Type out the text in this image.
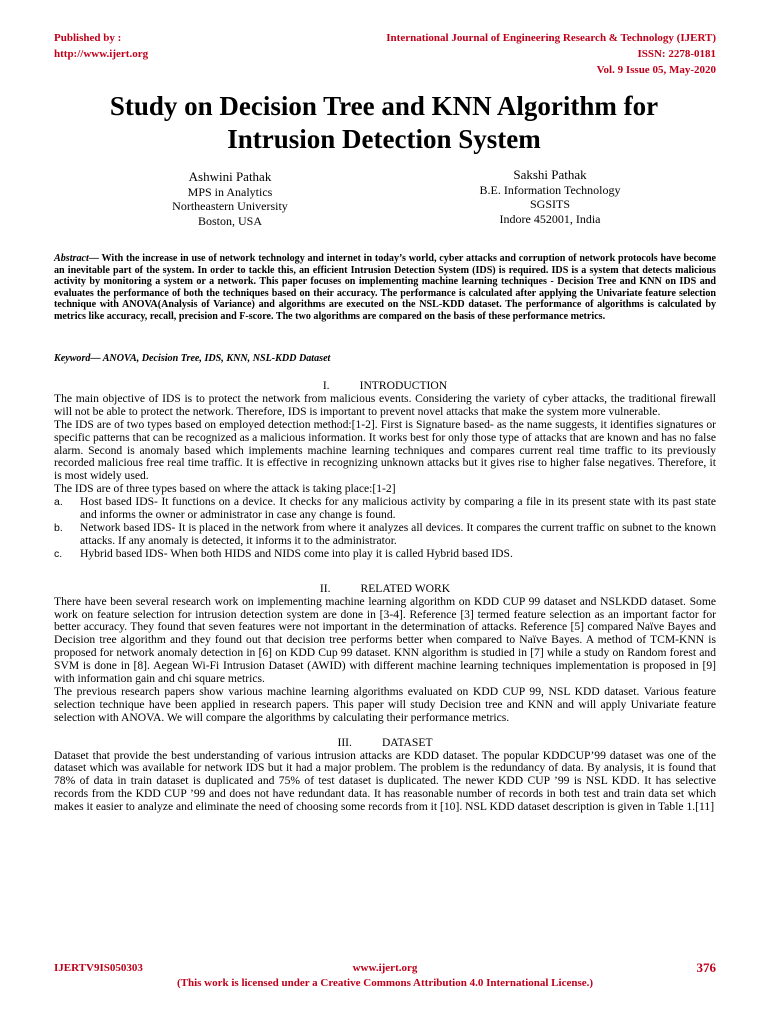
Published by :
http://www.ijert.org
International Journal of Engineering Research & Technology (IJERT)
ISSN: 2278-0181
Vol. 9 Issue 05, May-2020
Study on Decision Tree and KNN Algorithm for
Intrusion Detection System
Ashwini Pathak
MPS in Analytics
Northeastern University
Boston, USA
Sakshi Pathak
B.E. Information Technology
SGSITS
Indore 452001, India
Abstract— With the increase in use of network technology and internet in today’s world, cyber attacks and corruption of network protocols have become an inevitable part of the system. In order to tackle this, an efficient Intrusion Detection System (IDS) is required. IDS is a system that detects malicious activity by monitoring a system or a network. This paper focuses on implementing machine learning techniques - Decision Tree and KNN on IDS and evaluates the performance of both the techniques based on their accuracy. The performance is calculated after applying the Univariate feature selection technique with ANOVA(Analysis of Variance) and algorithms are executed on the NSL-KDD dataset. The performance of algorithms is calculated by metrics like accuracy, recall, precision and F-score. The two algorithms are compared on the basis of these performance metrics.
Keyword— ANOVA, Decision Tree, IDS, KNN, NSL-KDD Dataset

I.	INTRODUCTION

The main objective of IDS is to protect the network from malicious events. Considering the variety of cyber attacks, the traditional firewall will not be able to protect the network. Therefore, IDS is important to prevent novel attacks that make the system more vulnerable.

The IDS are of two types based on employed detection method:[1-2]. First is Signature based- as the name suggests, it identifies signatures or specific patterns that can be recognized as a malicious information. It works best for only those type of attacks that are known and has no false alarm. Second is anomaly based which implements machine learning techniques and compares current real time traffic to its previously recorded malicious free real time traffic. It is effective in recognizing unknown attacks but it gives rise to higher false negatives. Therefore, it is most widely used.

The IDS are of three types based on where the attack is taking place:[1-2]

a.	Host based IDS- It functions on a device. It checks for any malicious activity by comparing a file in its present state with its past state and informs the owner or administrator in case any change is found.
b.	Network based IDS- It is placed in the network from where it analyzes all devices. It compares the current traffic on subnet to the known attacks. If any anomaly is detected, it informs it to the administrator.
c.	Hybrid based IDS- When both HIDS and NIDS come into play it is called Hybrid based IDS.

II.	RELATED WORK

There have been several research work on implementing machine learning algorithm on KDD CUP 99 dataset and NSLKDD dataset. Some work on feature selection for intrusion detection system are done in [3-4]. Reference [3] termed feature selection as an important factor for better accuracy. They found that seven features were not important in the determination of attacks. Reference [5] compared Naïve Bayes and Decision tree algorithm and they found out that decision tree performs better when compared to Naïve Bayes. A method of TCM-KNN is proposed for network anomaly detection in [6] on KDD Cup 99 dataset. KNN algorithm is studied in [7] while a study on Random forest and SVM is done in [8]. Aegean Wi-Fi Intrusion Dataset (AWID) with different machine learning techniques implementation is proposed in [9] with information gain and chi square metrics.

The previous research papers show various machine learning algorithms evaluated on KDD CUP 99, NSL KDD dataset. Various feature selection technique have been applied in research papers. This paper will study Decision tree and KNN and will apply Univariate feature selection with ANOVA. We will compare the algorithms by calculating their performance metrics.

III.	DATASET

Dataset that provide the best understanding of various intrusion attacks are KDD dataset. The popular KDDCUP’99 dataset was one of the dataset which was available for network IDS but it had a major problem. The problem is the redundancy of data. By analysis, it is found that 78% of data in train dataset is duplicated and 75% of test dataset is duplicated. The newer KDD CUP ’99 is NSL KDD. It has selective records from the KDD CUP ’99 and does not have redundant data. It has reasonable number of records in both test and train data set which makes it easier to analyze and eliminate the need of choosing some records from it [10]. NSL KDD dataset description is given in Table 1.[11]

IJERTV9IS050303	www.ijert.org	376
(This work is licensed under a Creative Commons Attribution 4.0 International License.)
